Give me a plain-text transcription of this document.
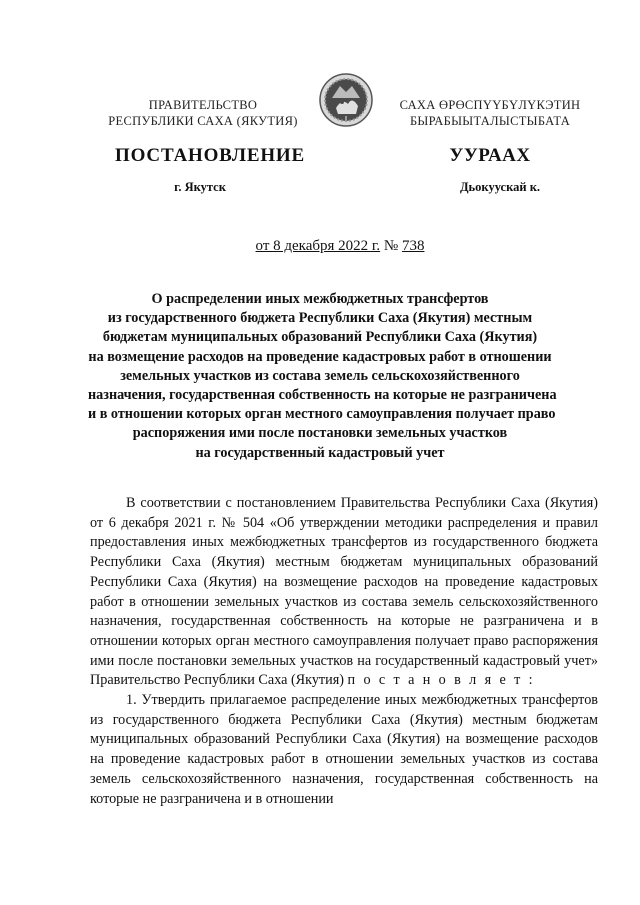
ПРАВИТЕЛЬСТВО
РЕСПУБЛИКИ САХА (ЯКУТИЯ)
САХА ӨРӨСПҮҮБҮЛҮКЭТИН
БЫРАБЫЫТАЛЫСТЫБАТА
ПОСТАНОВЛЕНИЕ	УУРААХ
г. Якутск	Дьокуускай к.
от 8 декабря 2022 г. № 738
О распределении иных межбюджетных трансфертов
из государственного бюджета Республики Саха (Якутия) местным
бюджетам муниципальных образований Республики Саха (Якутия)
на возмещение расходов на проведение кадастровых работ в отношении
земельных участков из состава земель сельскохозяйственного
назначения, государственная собственность на которые не разграничена
и в отношении которых орган местного самоуправления получает право
распоряжения ими после постановки земельных участков
на государственный кадастровый учет

В соответствии с постановлением Правительства Республики Саха (Якутия) от 6 декабря 2021 г. № 504 «Об утверждении методики распределения и правил предоставления иных межбюджетных трансфертов из государственного бюджета Республики Саха (Якутия) местным бюджетам муниципальных образований Республики Саха (Якутия) на возмещение расходов на проведение кадастровых работ в отношении земельных участков из состава земель сельскохозяйственного назначения, государственная собственность на которые не разграничена и в отношении которых орган местного самоуправления получает право распоряжения ими после постановки земельных участков на государственный кадастровый учет» Правительство Республики Саха (Якутия) п о с т а н о в л я е т :

1. Утвердить прилагаемое распределение иных межбюджетных трансфертов из государственного бюджета Республики Саха (Якутия) местным бюджетам муниципальных образований Республики Саха (Якутия) на возмещение расходов на проведение кадастровых работ в отношении земельных участков из состава земель сельскохозяйственного назначения, государственная собственность на которые не разграничена и в отношении
